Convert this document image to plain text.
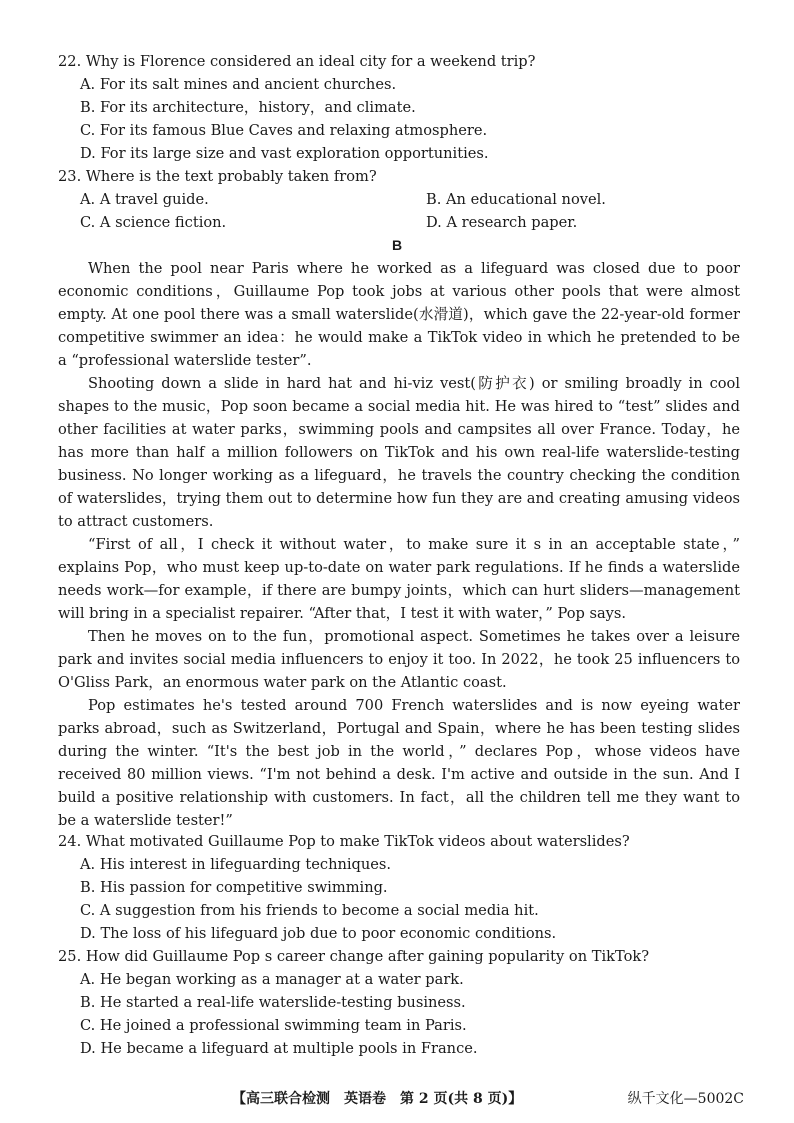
22. Why is Florence considered an ideal city for a weekend trip?
A. For its salt mines and ancient churches.
B. For its architecture，history，and climate.
C. For its famous Blue Caves and relaxing atmosphere.
D. For its large size and vast exploration opportunities.
23. Where is the text probably taken from?
A. A travel guide.	B. An educational novel.
C. A science fiction.	D. A research paper.
B

When the pool near Paris where he worked as a lifeguard was closed due to poor economic conditions，Guillaume Pop took jobs at various other pools that were almost empty. At one pool there was a small waterslide(水滑道)，which gave the 22-year-old former competitive swimmer an idea：he would make a TikTok video in which he pretended to be a “professional waterslide tester”.

Shooting down a slide in hard hat and hi-viz vest(防护衣) or smiling broadly in cool shapes to the music，Pop soon became a social media hit. He was hired to “test” slides and other facilities at water parks，swimming pools and campsites all over France. Today，he has more than half a million followers on TikTok and his own real-life waterslide-testing business. No longer working as a lifeguard，he travels the country checking the condition of waterslides，trying them out to determine how fun they are and creating amusing videos to attract customers.

“First of all，I check it without water，to make sure it s in an acceptable state，” explains Pop，who must keep up-to-date on water park regulations. If he finds a waterslide needs work—for example，if there are bumpy joints，which can hurt sliders—management will bring in a specialist repairer. “After that，I test it with water，” Pop says.

Then he moves on to the fun，promotional aspect. Sometimes he takes over a leisure park and invites social media influencers to enjoy it too. In 2022，he took 25 influencers to O'Gliss Park，an enormous water park on the Atlantic coast.

Pop estimates he's tested around 700 French waterslides and is now eyeing water parks abroad，such as Switzerland，Portugal and Spain，where he has been testing slides during the winter. “It's the best job in the world，” declares Pop，whose videos have received 80 million views. “I'm not behind a desk. I'm active and outside in the sun. And I build a positive relationship with customers. In fact，all the children tell me they want to be a waterslide tester!”

24. What motivated Guillaume Pop to make TikTok videos about waterslides?
A. His interest in lifeguarding techniques.
B. His passion for competitive swimming.
C. A suggestion from his friends to become a social media hit.
D. The loss of his lifeguard job due to poor economic conditions.
25. How did Guillaume Pop s career change after gaining popularity on TikTok?
A. He began working as a manager at a water park.
B. He started a real-life waterslide-testing business.
C. He joined a professional swimming team in Paris.
D. He became a lifeguard at multiple pools in France.
【高三联合检测　英语卷　第 2 页(共 8 页)】	纵千文化—5002C
